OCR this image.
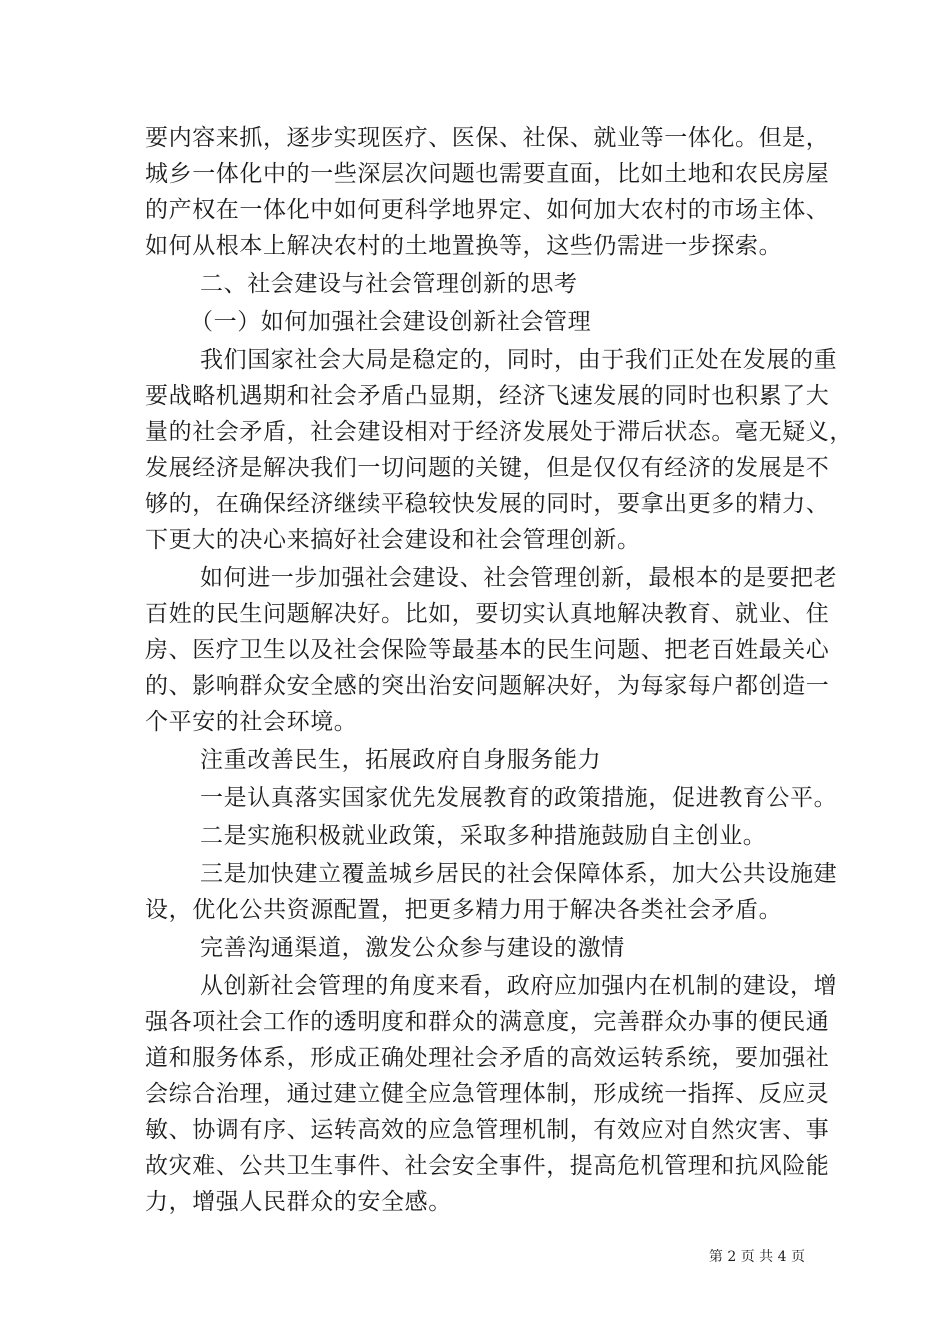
要内容来抓，逐步实现医疗、医保、社保、就业等一体化。但是，
城乡一体化中的一些深层次问题也需要直面，比如土地和农民房屋
的产权在一体化中如何更科学地界定、如何加大农村的市场主体、
如何从根本上解决农村的土地置换等，这些仍需进一步探索。
二、社会建设与社会管理创新的思考
（一）如何加强社会建设创新社会管理
我们国家社会大局是稳定的，同时，由于我们正处在发展的重
要战略机遇期和社会矛盾凸显期，经济飞速发展的同时也积累了大
量的社会矛盾，社会建设相对于经济发展处于滞后状态。毫无疑义，
发展经济是解决我们一切问题的关键，但是仅仅有经济的发展是不
够的，在确保经济继续平稳较快发展的同时，要拿出更多的精力、
下更大的决心来搞好社会建设和社会管理创新。
如何进一步加强社会建设、社会管理创新，最根本的是要把老
百姓的民生问题解决好。比如，要切实认真地解决教育、就业、住
房、医疗卫生以及社会保险等最基本的民生问题、把老百姓最关心
的、影响群众安全感的突出治安问题解决好，为每家每户都创造一
个平安的社会环境。
注重改善民生，拓展政府自身服务能力
一是认真落实国家优先发展教育的政策措施，促进教育公平。
二是实施积极就业政策，采取多种措施鼓励自主创业。
三是加快建立覆盖城乡居民的社会保障体系，加大公共设施建
设，优化公共资源配置，把更多精力用于解决各类社会矛盾。
完善沟通渠道，激发公众参与建设的激情
从创新社会管理的角度来看，政府应加强内在机制的建设，增
强各项社会工作的透明度和群众的满意度，完善群众办事的便民通
道和服务体系，形成正确处理社会矛盾的高效运转系统，要加强社
会综合治理，通过建立健全应急管理体制，形成统一指挥、反应灵
敏、协调有序、运转高效的应急管理机制，有效应对自然灾害、事
故灾难、公共卫生事件、社会安全事件，提高危机管理和抗风险能
力，增强人民群众的安全感。
第 2 页 共 4 页
